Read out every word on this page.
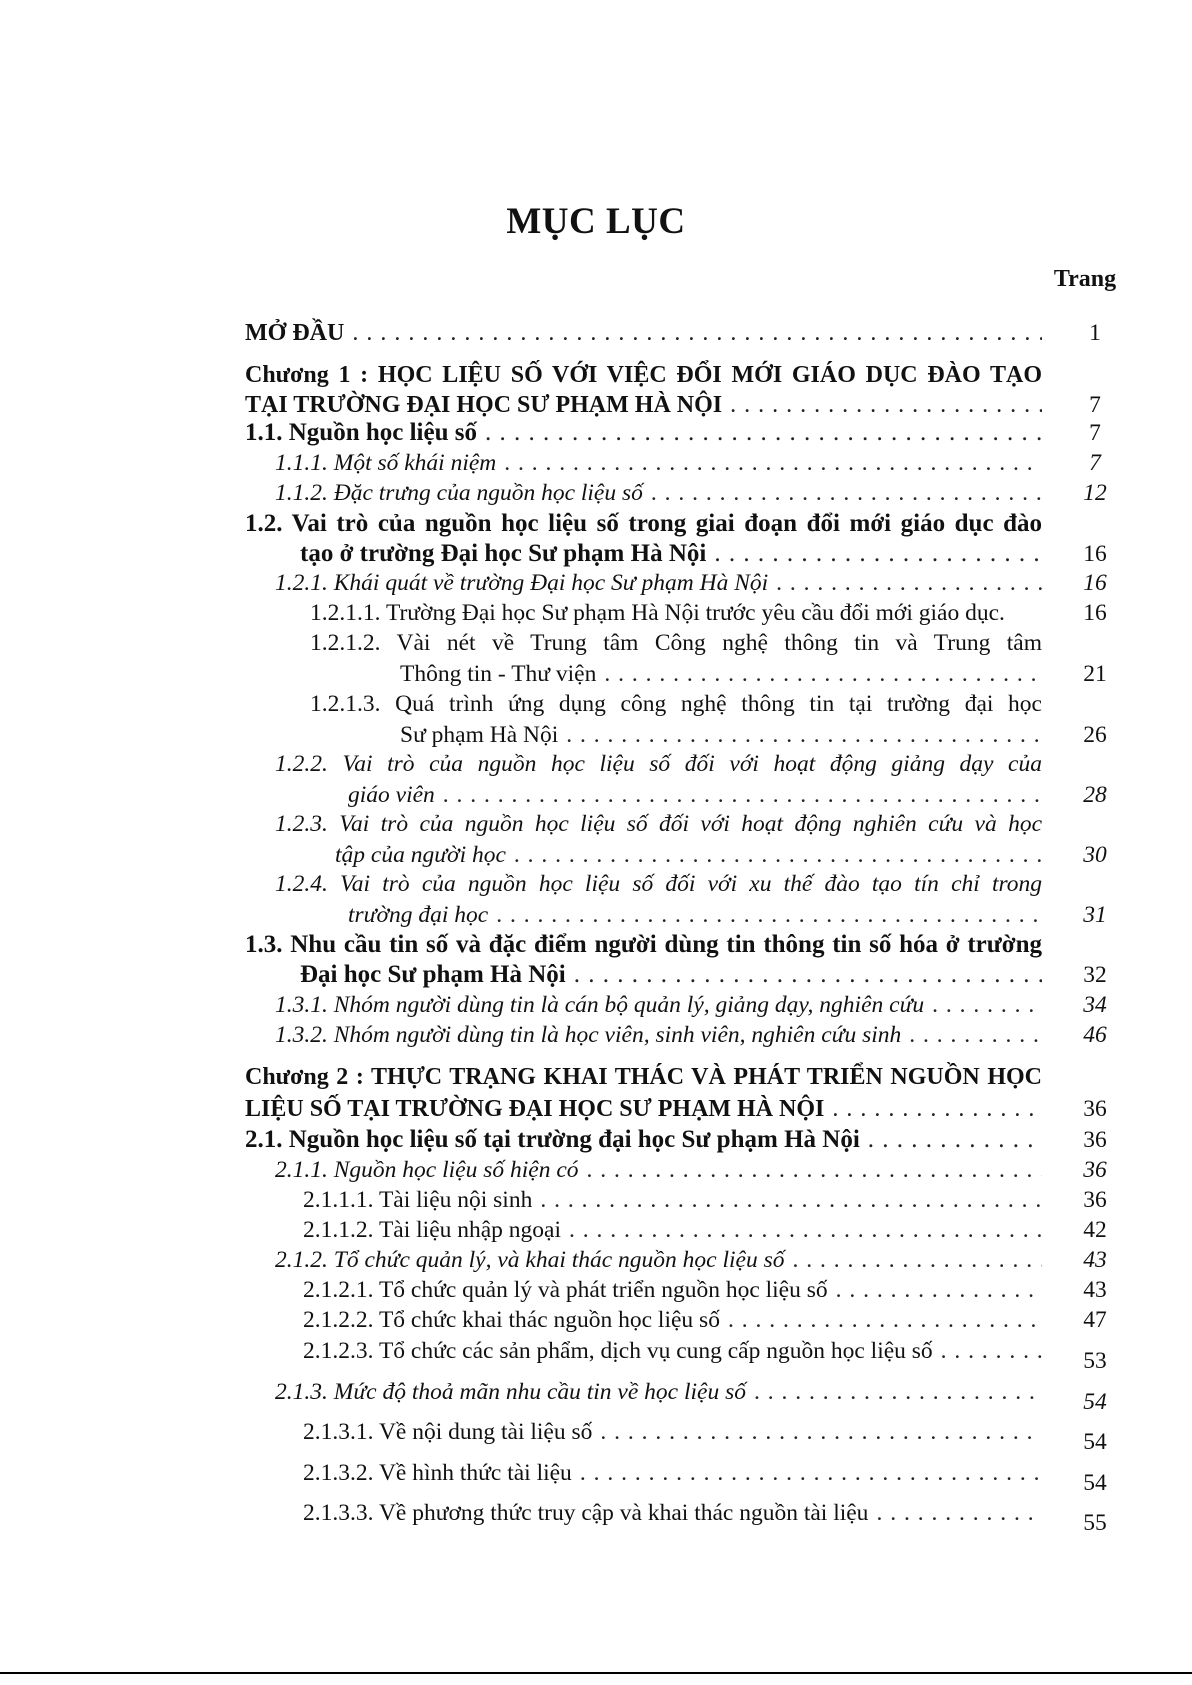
MỤC LỤC
Trang
MỞ ĐẦU . . .	1
Chương 1 : HỌC LIỆU SỐ VỚI VIỆC ĐỔI MỚI GIÁO DỤC ĐÀO TẠO
TẠI TRƯỜNG ĐẠI HỌC SƯ PHẠM HÀ NỘI . . .	7
1.1. Nguồn học liệu số . . .	7
1.1.1. Một số khái niệm . . .	7
1.1.2. Đặc trưng của nguồn học liệu số . . .	12
1.2. Vai trò của nguồn học liệu số trong giai đoạn đổi mới giáo dục đào
tạo ở trường Đại học Sư phạm Hà Nội . . .	16
1.2.1. Khái quát về trường Đại học Sư phạm Hà Nội . . .	16
1.2.1.1. Trường Đại học Sư phạm Hà Nội trước yêu cầu đổi mới giáo dục.	16
1.2.1.2. Vài nét về Trung tâm Công nghệ thông tin và Trung tâm
Thông tin - Thư viện . . .	21
1.2.1.3. Quá trình ứng dụng công nghệ thông tin tại trường đại học
Sư phạm Hà Nội . . .	26
1.2.2. Vai trò của nguồn học liệu số đối với hoạt động giảng dạy của
giáo viên . . .	28
1.2.3. Vai trò của nguồn học liệu số đối với hoạt động nghiên cứu và học
tập của người học . . .	30
1.2.4. Vai trò của nguồn học liệu số đối với xu thế đào tạo tín chỉ trong
trường đại học . . .	31
1.3. Nhu cầu tin số và đặc điểm người dùng tin thông tin số hóa ở trường
Đại học Sư phạm Hà Nội . . .	32
1.3.1. Nhóm người dùng tin là cán bộ quản lý, giảng dạy, nghiên cứu . . .	34
1.3.2. Nhóm người dùng tin là học viên, sinh viên, nghiên cứu sinh . . .	46
Chương 2 : THỰC TRẠNG KHAI THÁC VÀ PHÁT TRIỂN NGUỒN HỌC
LIỆU SỐ TẠI TRƯỜNG ĐẠI HỌC SƯ PHẠM HÀ NỘI . . .	36
2.1. Nguồn học liệu số tại trường đại học Sư phạm Hà Nội . . .	36
2.1.1. Nguồn học liệu số hiện có . . .	36
2.1.1.1. Tài liệu nội sinh . . .	36
2.1.1.2. Tài liệu nhập ngoại . . .	42
2.1.2. Tổ chức quản lý, và khai thác nguồn học liệu số . . .	43
2.1.2.1. Tổ chức quản lý và phát triển nguồn học liệu số . . .	43
2.1.2.2. Tổ chức khai thác nguồn học liệu số . . .	47
2.1.2.3. Tổ chức các sản phẩm, dịch vụ cung cấp nguồn học liệu số . . .	53
2.1.3. Mức độ thoả mãn nhu cầu tin về học liệu số . . .	54
2.1.3.1. Về nội dung tài liệu số . . .	54
2.1.3.2. Về hình thức tài liệu . . .	54
2.1.3.3. Về phương thức truy cập và khai thác nguồn tài liệu . . .	55
